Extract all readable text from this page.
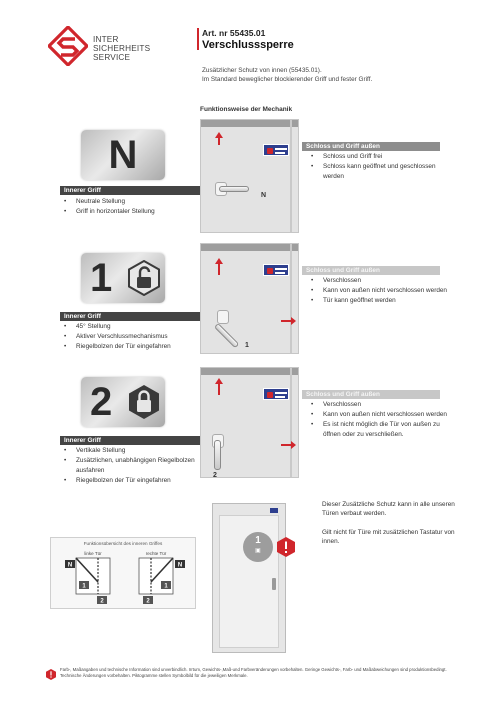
INTER
SICHERHEITS
SERVICE
Art. nr 55435.01
Verschlusssperre
Zusätzlicher Schutz von innen (55435.01).
Im Standard beweglicher blockierender Griff und fester Griff.
Funktionsweise der Mechanik
N
Innerer Griff
• Neutrale Stellung
• Griff in horizontaler Stellung
N
Schloss und Griff außen
• Schloss und Griff frei
• Schloss kann geöffnet und geschlossen werden
1
Innerer Griff
• 45° Stellung
• Aktiver Verschlussmechanismus
• Riegelbolzen der Tür eingefahren	1
Schloss und Griff außen
• Verschlossen
• Kann von außen nicht verschlossen werden
• Tür kann geöffnet werden
2
Innerer Griff
• Vertikale Stellung
• Zusätzlichen, unabhängigen Riegelbolzen ausfahren
• Riegelbolzen der Tür eingefahren
2
Schloss und Griff außen
• Verschlossen
• Kann von außen nicht verschlossen werden
• Es ist nicht möglich die Tür von außen zu öffnen oder zu verschließen.
Funktionsübersicht des inneren Griffes
linke Tür	rechte Tür
N
1
2
N
1
2
1
▣
Dieser Zusätzliche Schutz kann in alle unseren Türen verbaut werden.
Gilt nicht für Türe mit zusätzlichen Tastatur von innen.
Farb-, Maßangaben und technische Information sind unverbindlich. Irrtum, Gewichts-,Maß-und Farbveränderungen vorbehalten. Geringe Gewichts-, Farb- und Maßabweichungen sind produktionsbedingt. Technische Änderungen vorbehalten. Piktogramme stellen Symbolbild für die jeweiligen Merkmale.
